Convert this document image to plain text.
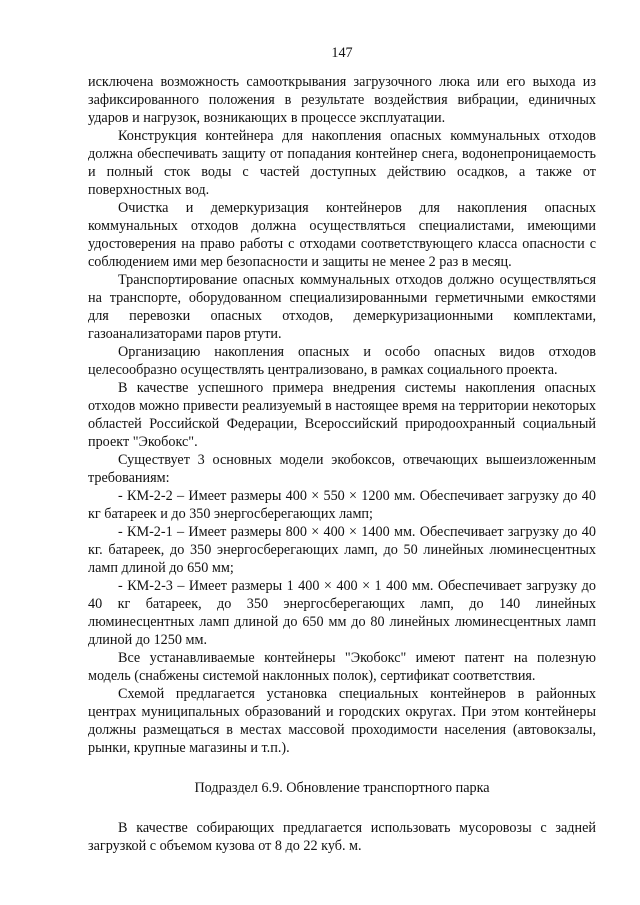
147

исключена возможность самооткрывания загрузочного люка или его выхода из зафиксированного положения в результате воздействия вибрации, единичных ударов и нагрузок, возникающих в процессе эксплуатации.

Конструкция контейнера для накопления опасных коммунальных отходов должна обеспечивать защиту от попадания контейнер снега, водонепроницаемость и полный сток воды с частей доступных действию осадков, а также от поверхностных вод.

Очистка и демеркуризация контейнеров для накопления опасных коммунальных отходов должна осуществляться специалистами, имеющими удостоверения на право работы с отходами соответствующего класса опасности с соблюдением ими мер безопасности и защиты не менее 2 раз в месяц.

Транспортирование опасных коммунальных отходов должно осуществляться на транспорте, оборудованном специализированными герметичными емкостями для перевозки опасных отходов, демеркуризационными комплектами, газоанализаторами паров ртути.

Организацию накопления опасных и особо опасных видов отходов целесообразно осуществлять централизовано, в рамках социального проекта.

В качестве успешного примера внедрения системы накопления опасных отходов можно привести реализуемый в настоящее время на территории некоторых областей Российской Федерации, Всероссийский природоохранный социальный проект "Экобокс".

Существует 3 основных модели экобоксов, отвечающих вышеизложенным требованиям:

- КМ-2-2 – Имеет размеры 400 × 550 × 1200 мм. Обеспечивает загрузку до 40 кг батареек и до 350 энергосберегающих ламп;

- КМ-2-1 – Имеет размеры 800 × 400 × 1400 мм. Обеспечивает загрузку до 40 кг. батареек, до 350 энергосберегающих ламп, до 50 линейных люминесцентных ламп длиной до 650 мм;

- КМ-2-3 – Имеет размеры 1 400 × 400 × 1 400 мм. Обеспечивает загрузку до 40 кг батареек, до 350 энергосберегающих ламп, до 140 линейных люминесцентных ламп длиной до 650 мм до 80 линейных люминесцентных ламп длиной до 1250 мм.

Все устанавливаемые контейнеры "Экобокс" имеют патент на полезную модель (снабжены системой наклонных полок), сертификат соответствия.

Схемой предлагается установка специальных контейнеров в районных центрах муниципальных образований и городских округах. При этом контейнеры должны размещаться в местах массовой проходимости населения (автовокзалы, рынки, крупные магазины и т.п.).

Подраздел 6.9. Обновление транспортного парка

В качестве собирающих предлагается использовать мусоровозы с задней загрузкой с объемом кузова от 8 до 22 куб. м.
